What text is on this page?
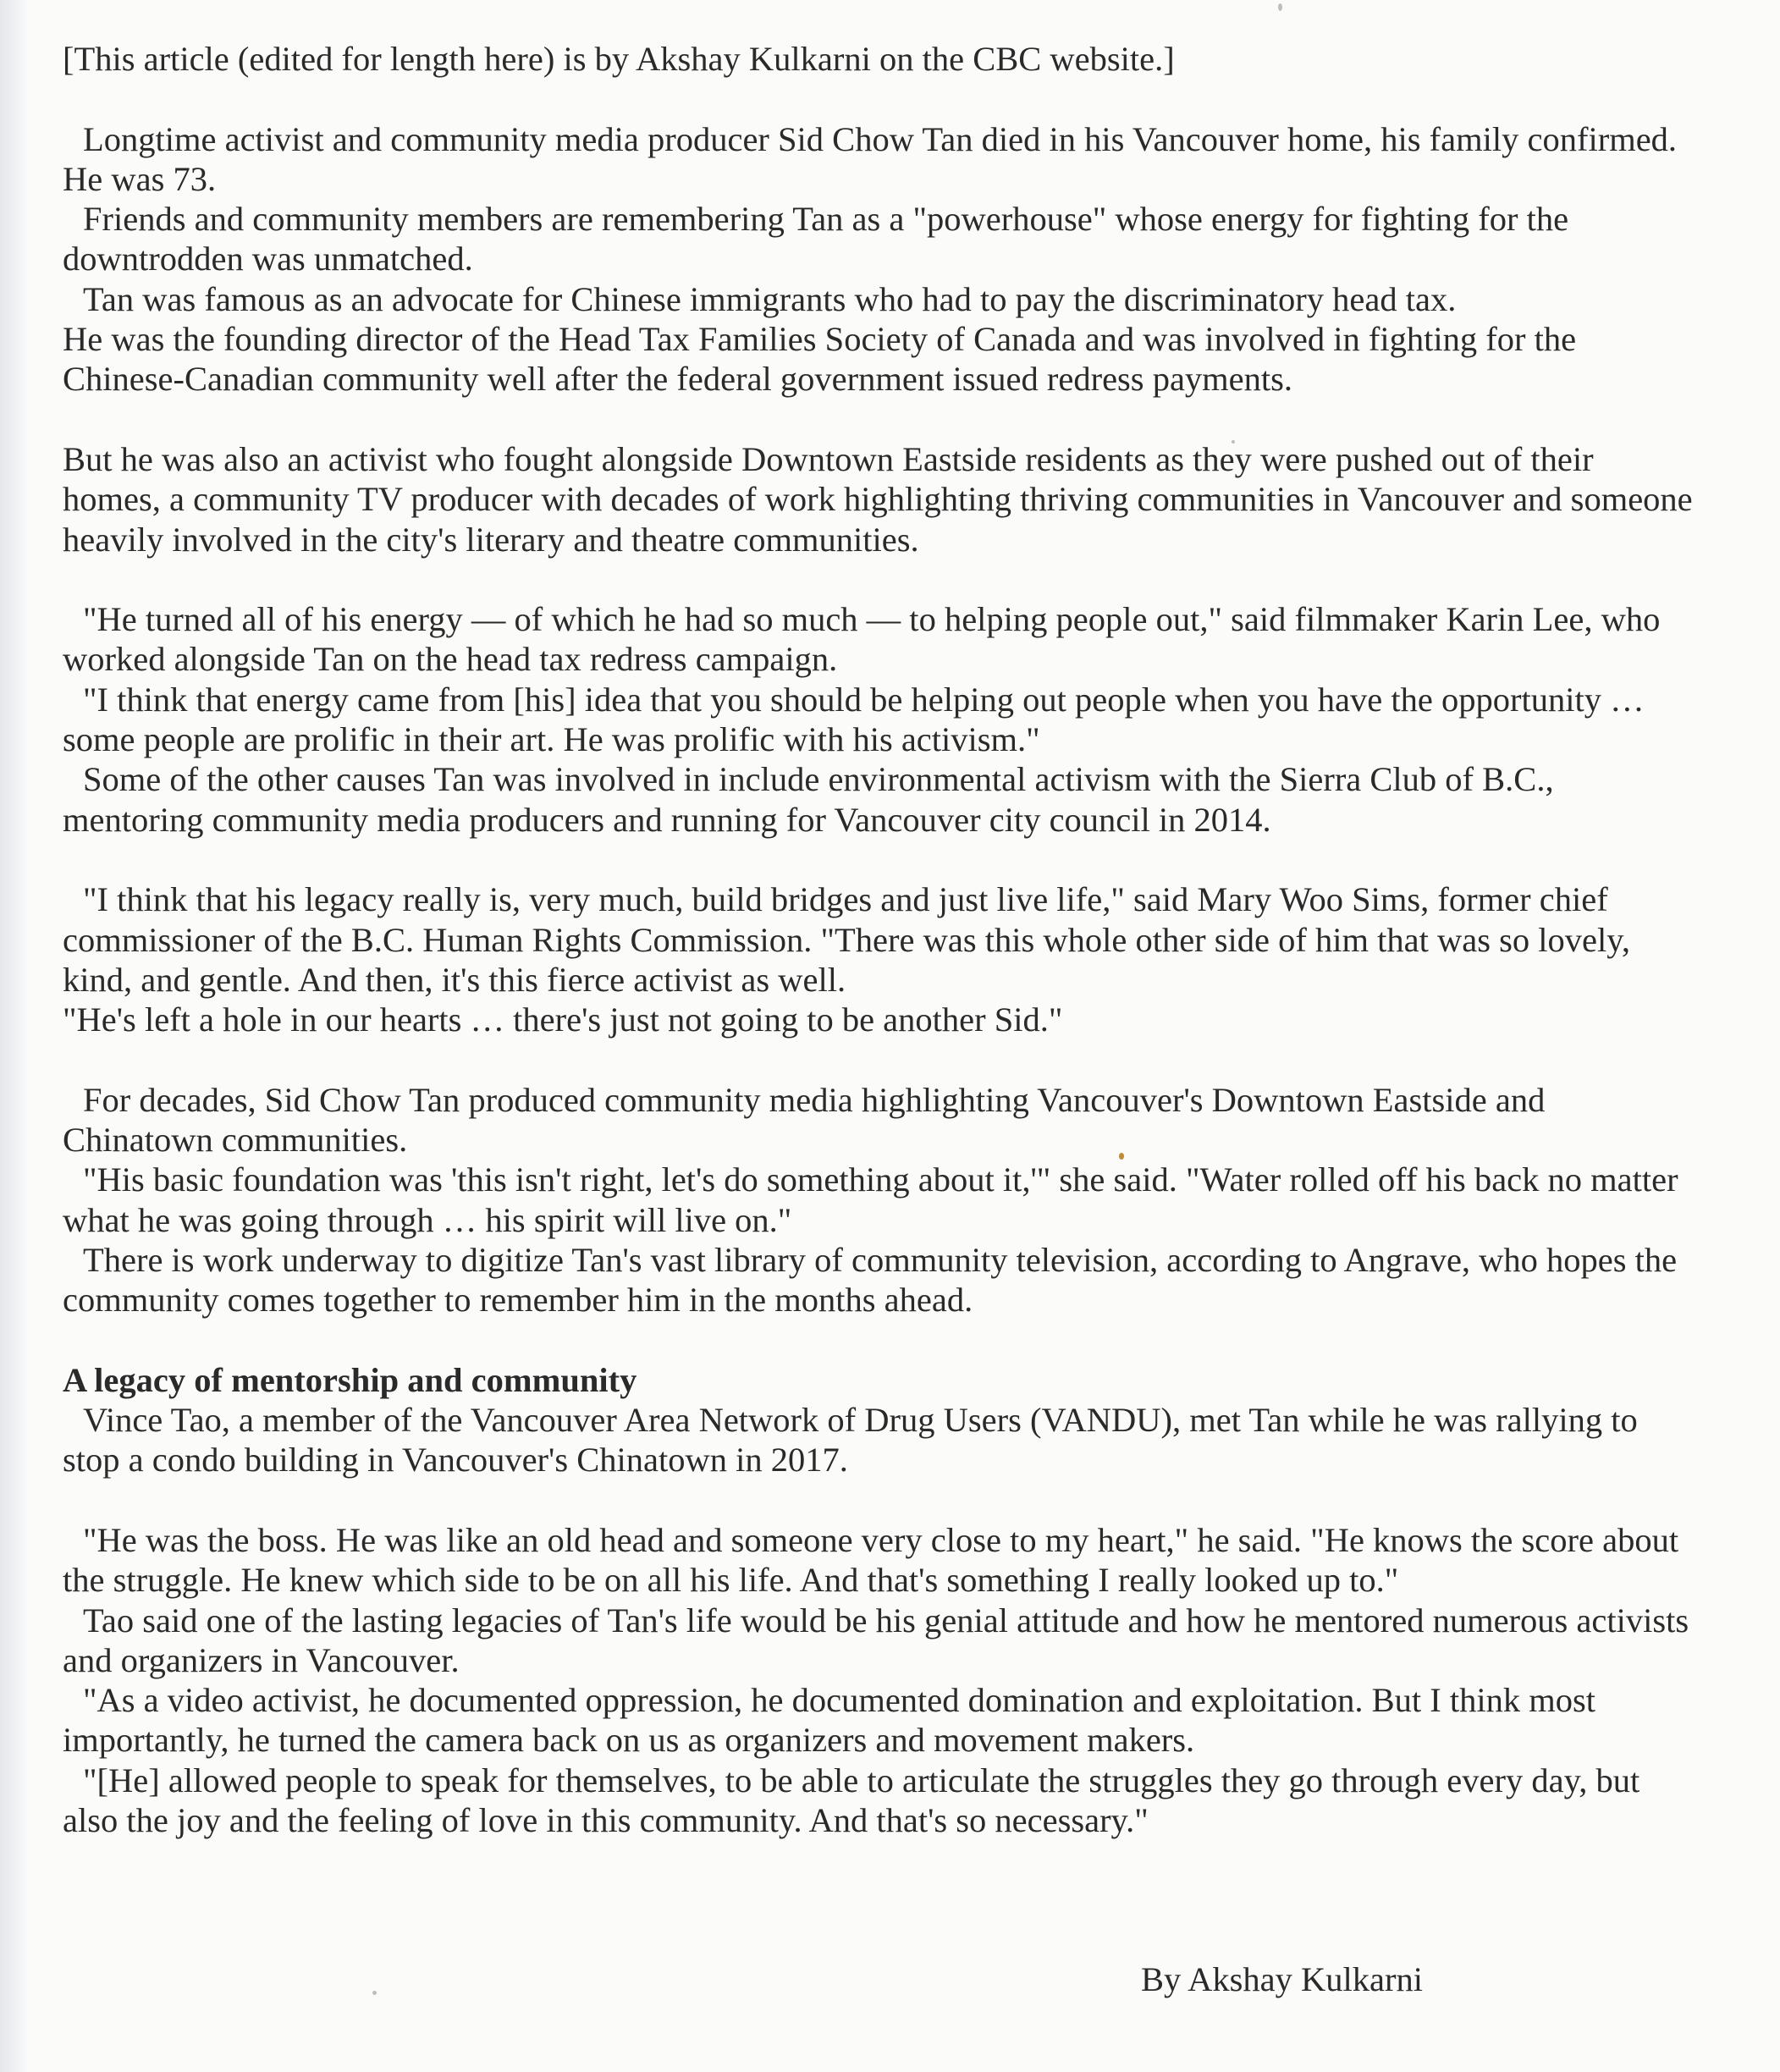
[This article (edited for length here) is by Akshay Kulkarni on the CBC website.]

Longtime activist and community media producer Sid Chow Tan died in his Vancouver home, his family confirmed. He was 73.

Friends and community members are remembering Tan as a "powerhouse" whose energy for fighting for the downtrodden was unmatched.

Tan was famous as an advocate for Chinese immigrants who had to pay the discriminatory head tax.

He was the founding director of the Head Tax Families Society of Canada and was involved in fighting for the Chinese-Canadian community well after the federal government issued redress payments.

But he was also an activist who fought alongside Downtown Eastside residents as they were pushed out of their homes, a community TV producer with decades of work highlighting thriving communities in Vancouver and someone heavily involved in the city's literary and theatre communities.

"He turned all of his energy — of which he had so much — to helping people out," said filmmaker Karin Lee, who worked alongside Tan on the head tax redress campaign.

"I think that energy came from [his] idea that you should be helping out people when you have the opportunity … some people are prolific in their art. He was prolific with his activism."

Some of the other causes Tan was involved in include environmental activism with the Sierra Club of B.C., mentoring community media producers and running for Vancouver city council in 2014.

"I think that his legacy really is, very much, build bridges and just live life," said Mary Woo Sims, former chief commissioner of the B.C. Human Rights Commission. "There was this whole other side of him that was so lovely, kind, and gentle. And then, it's this fierce activist as well.

"He's left a hole in our hearts … there's just not going to be another Sid."

For decades, Sid Chow Tan produced community media highlighting Vancouver's Downtown Eastside and Chinatown communities.

"His basic foundation was 'this isn't right, let's do something about it,'" she said. "Water rolled off his back no matter what he was going through … his spirit will live on."

There is work underway to digitize Tan's vast library of community television, according to Angrave, who hopes the community comes together to remember him in the months ahead.

A legacy of mentorship and community

Vince Tao, a member of the Vancouver Area Network of Drug Users (VANDU), met Tan while he was rallying to stop a condo building in Vancouver's Chinatown in 2017.

"He was the boss. He was like an old head and someone very close to my heart," he said. "He knows the score about the struggle. He knew which side to be on all his life. And that's something I really looked up to."

Tao said one of the lasting legacies of Tan's life would be his genial attitude and how he mentored numerous activists and organizers in Vancouver.

"As a video activist, he documented oppression, he documented domination and exploitation. But I think most importantly, he turned the camera back on us as organizers and movement makers.

"[He] allowed people to speak for themselves, to be able to articulate the struggles they go through every day, but also the joy and the feeling of love in this community. And that's so necessary."

By Akshay Kulkarni
